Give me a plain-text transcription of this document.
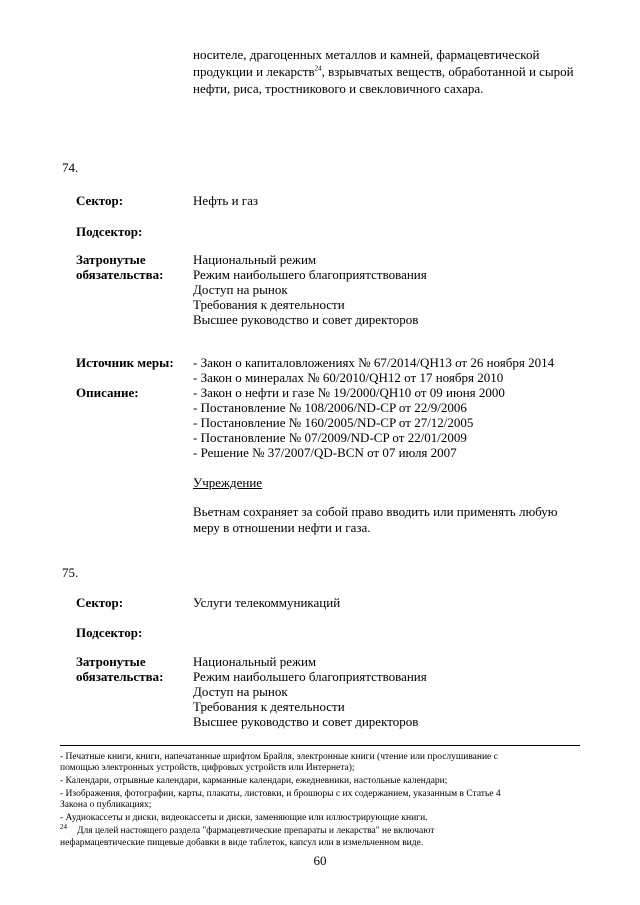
носителе, драгоценных металлов и камней, фармацевтической
продукции и лекарств$^{24}$, взрывчатых веществ, обработанной и сырой
нефти, риса, тростникового и свекловичного сахара.
74.
Сектор:	Нефть и газ
Подсектор:
Затронутые
обязательства:
Национальный режим
Режим наибольшего благоприятствования
Доступ на рынок
Требования к деятельности
Высшее руководство и совет директоров
Источник меры:
Описание:
- Закон о капиталовложениях № 67/2014/QH13 от 26 ноября 2014
- Закон о минералах № 60/2010/QH12 от 17 ноября 2010
- Закон о нефти и газе № 19/2000/QH10 от 09 июня 2000
- Постановление № 108/2006/ND-CP от 22/9/2006
- Постановление № 160/2005/ND-CP от 27/12/2005
- Постановление № 07/2009/ND-CP от 22/01/2009
- Решение № 37/2007/QD-BCN от 07 июля 2007
Учреждение
Вьетнам сохраняет за собой право вводить или применять любую
меру в отношении нефти и газа.
75.
Сектор:	Услуги телекоммуникаций
Подсектор:
Затронутые
обязательства:
Национальный режим
Режим наибольшего благоприятствования
Доступ на рынок
Требования к деятельности
Высшее руководство и совет директоров
- Печатные книги, книги, напечатанные шрифтом Брайля, электронные книги (чтение или прослушивание с
помощью электронных устройств, цифровых устройств или Интернета);
- Календари, отрывные календари, карманные календари, ежедневники, настольные календари;
- Изображения, фотографии, карты, плакаты, листовки, и брошюры с их содержанием, указанным в Статье 4
Закона о публикациях;
- Аудиокассеты и диски, видеокассеты и диски, заменяющие или иллюстрирующие книги.
$^{24}$ Для целей настоящего раздела "фармацевтические препараты и лекарства" не включают
нефармацевтические пищевые добавки в виде таблеток, капсул или в измельченном виде.
60
